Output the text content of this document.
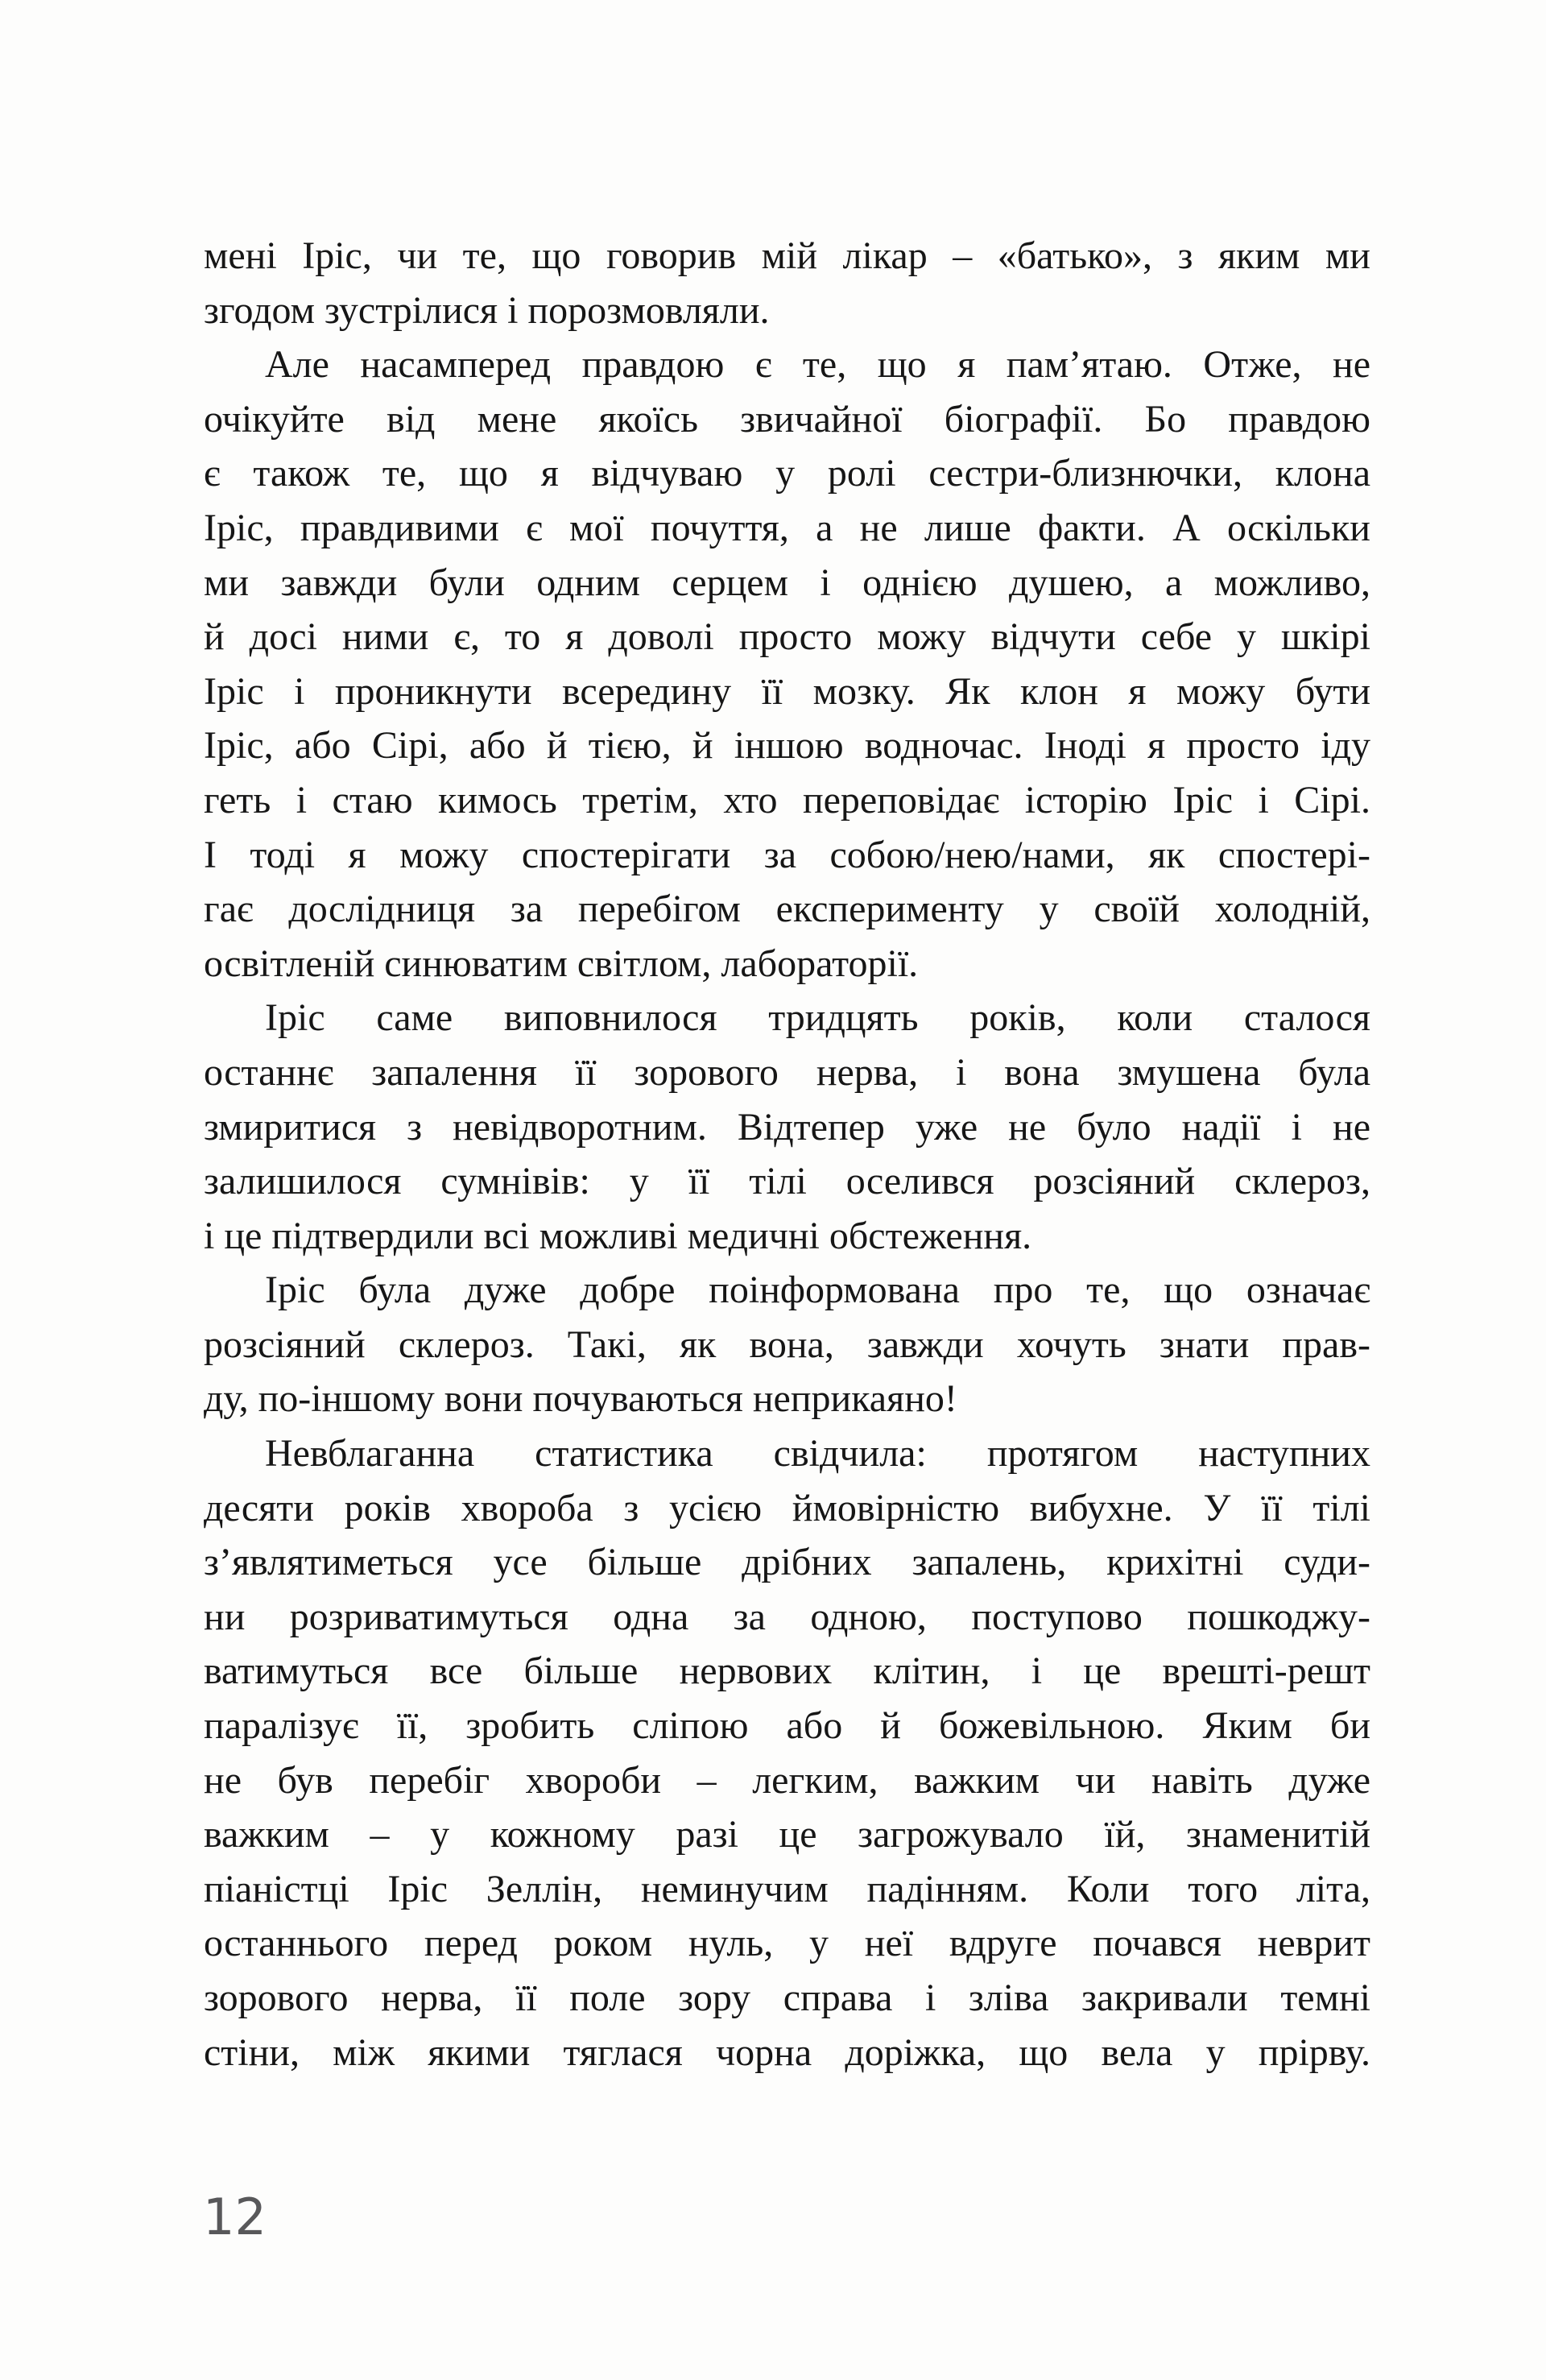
мені Іріс, чи те, що говорив мій лікар – «батько», з яким ми
згодом зустрілися і порозмовляли.
Але насамперед правдою є те, що я пам’ятаю. Отже, не
очікуйте від мене якоїсь звичайної біографії. Бо правдою
є також те, що я відчуваю у ролі сестри-близнючки, клона
Іріс, правдивими є мої почуття, а не лише факти. А оскільки
ми завжди були одним серцем і однією душею, а можливо,
й досі ними є, то я доволі просто можу відчути себе у шкірі
Іріс і проникнути всередину її мозку. Як клон я можу бути
Іріс, або Сірі, або й тією, й іншою водночас. Іноді я просто іду
геть і стаю кимось третім, хто переповідає історію Іріс і Сірі.
І тоді я можу спостерігати за собою/нею/нами, як спостері-
гає дослідниця за перебігом експерименту у своїй холодній,
освітленій синюватим світлом, лабораторії.
Іріс саме виповнилося тридцять років, коли сталося
останнє запалення її зорового нерва, і вона змушена була
змиритися з невідворотним. Відтепер уже не було надії і не
залишилося сумнівів: у її тілі оселився розсіяний склероз,
і це підтвердили всі можливі медичні обстеження.
Іріс була дуже добре поінформована про те, що означає
розсіяний склероз. Такі, як вона, завжди хочуть знати прав-
ду, по-іншому вони почуваються неприкаяно!
Невблаганна статистика свідчила: протягом наступних
десяти років хвороба з усією ймовірністю вибухне. У її тілі
з’являтиметься усе більше дрібних запалень, крихітні суди-
ни розриватимуться одна за одною, поступово пошкоджу-
ватимуться все більше нервових клітин, і це врешті-решт
паралізує її, зробить сліпою або й божевільною. Яким би
не був перебіг хвороби – легким, важким чи навіть дуже
важким – у кожному разі це загрожувало їй, знаменитій
піаністці Іріс Зеллін, неминучим падінням. Коли того літа,
останнього перед роком нуль, у неї вдруге почався неврит
зорового нерва, її поле зору справа і зліва закривали темні
стіни, між якими тяглася чорна доріжка, що вела у прірву.
12
